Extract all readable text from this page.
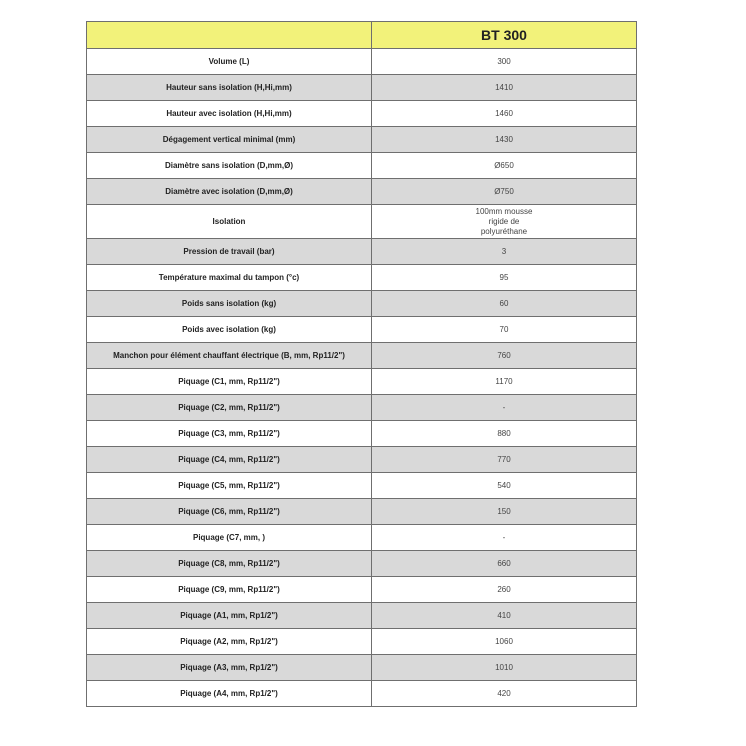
	BT 300
Volume (L)	300
Hauteur sans isolation (H,Hi,mm)	1410
Hauteur avec isolation (H,Hi,mm)	1460
Dégagement vertical minimal (mm)	1430
Diamètre sans isolation (D,mm,Ø)	Ø650
Diamètre avec isolation (D,mm,Ø)	Ø750
Isolation	100mm mousse
rigide de
polyuréthane

Pression de travail (bar)	3
Température maximal du tampon (°c)	95
Poids sans isolation (kg)	60
Poids avec isolation (kg)	70
Manchon pour élément chauffant électrique (B, mm, Rp11/2")	760
Piquage (C1, mm, Rp11/2")	1170
Piquage (C2, mm, Rp11/2")	-
Piquage (C3, mm, Rp11/2")	880
Piquage (C4, mm, Rp11/2")	770
Piquage (C5, mm, Rp11/2")	540
Piquage (C6, mm, Rp11/2")	150
Piquage (C7, mm, )	-
Piquage (C8, mm, Rp11/2")	660
Piquage (C9, mm, Rp11/2")	260
Piquage (A1, mm, Rp1/2")	410
Piquage (A2, mm, Rp1/2")	1060
Piquage (A3, mm, Rp1/2")	1010
Piquage (A4, mm, Rp1/2")	420
